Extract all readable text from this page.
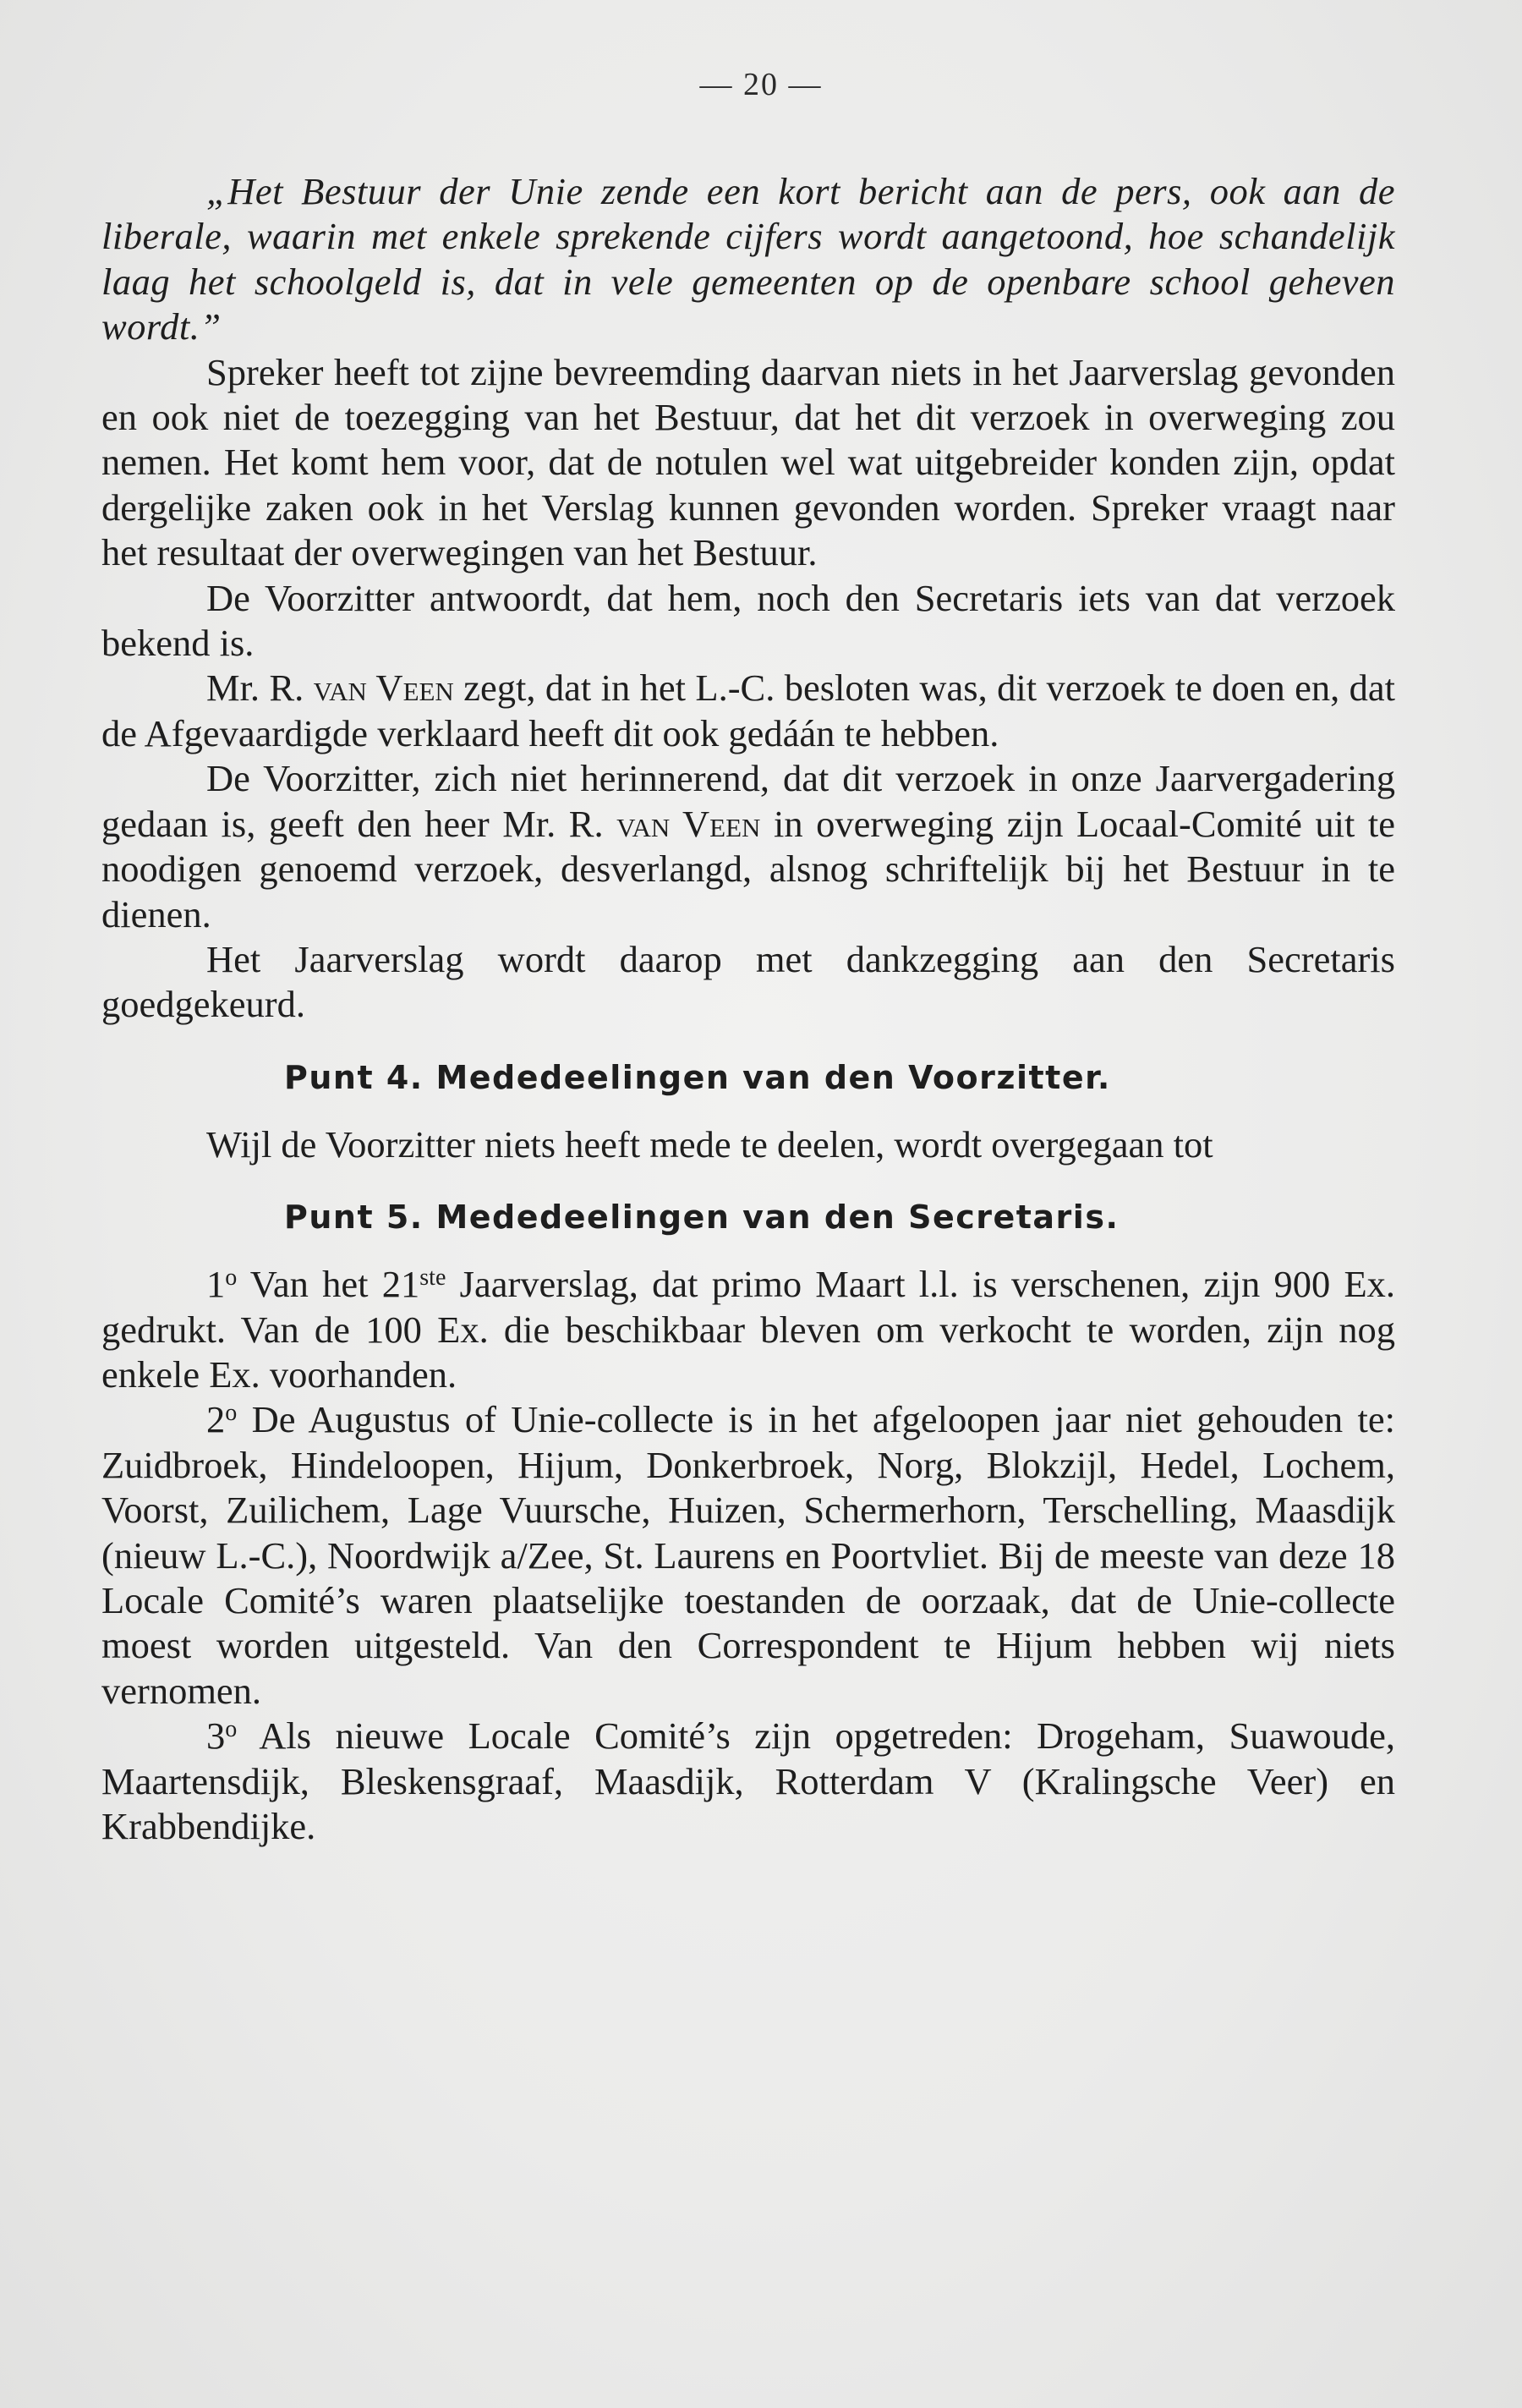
— 20 —

„Het Bestuur der Unie zende een kort bericht aan de pers, ook aan de liberale, waarin met enkele sprekende cijfers wordt aangetoond, hoe schandelijk laag het schoolgeld is, dat in vele gemeenten op de openbare school geheven wordt.”

Spreker heeft tot zijne bevreemding daarvan niets in het Jaarverslag gevonden en ook niet de toezegging van het Bestuur, dat het dit verzoek in overweging zou nemen. Het komt hem voor, dat de notulen wel wat uitgebreider konden zijn, opdat dergelijke zaken ook in het Verslag kunnen gevonden worden. Spreker vraagt naar het resultaat der overwegingen van het Bestuur.

De Voorzitter antwoordt, dat hem, noch den Secretaris iets van dat verzoek bekend is.

Mr. R. van Veen zegt, dat in het L.-C. besloten was, dit verzoek te doen en, dat de Afgevaardigde verklaard heeft dit ook gedáán te hebben.

De Voorzitter, zich niet herinnerend, dat dit verzoek in onze Jaarvergadering gedaan is, geeft den heer Mr. R. van Veen in overweging zijn Locaal-Comité uit te noodigen genoemd verzoek, desverlangd, alsnog schriftelijk bij het Bestuur in te dienen.

Het Jaarverslag wordt daarop met dankzegging aan den Secretaris goedgekeurd.

Punt 4. Mededeelingen van den Voorzitter.

Wijl de Voorzitter niets heeft mede te deelen, wordt overgegaan tot

Punt 5. Mededeelingen van den Secretaris.

1$^o$ Van het 21ste Jaarverslag, dat primo Maart l.l. is verschenen, zijn 900 Ex. gedrukt. Van de 100 Ex. die beschikbaar bleven om verkocht te worden, zijn nog enkele Ex. voorhanden.

2$^o$ De Augustus of Unie-collecte is in het afgeloopen jaar niet gehouden te: Zuidbroek, Hindeloopen, Hijum, Donkerbroek, Norg, Blokzijl, Hedel, Lochem, Voorst, Zuilichem, Lage Vuursche, Huizen, Schermerhorn, Terschelling, Maasdijk (nieuw L.-C.), Noordwijk a/Zee, St. Laurens en Poortvliet. Bij de meeste van deze 18 Locale Comité’s waren plaatselijke toestanden de oorzaak, dat de Unie-collecte moest worden uitgesteld. Van den Correspondent te Hijum hebben wij niets vernomen.

3$^o$ Als nieuwe Locale Comité’s zijn opgetreden: Drogeham, Suawoude, Maartensdijk, Bleskensgraaf, Maasdijk, Rotterdam V (Kralingsche Veer) en Krabbendijke.
